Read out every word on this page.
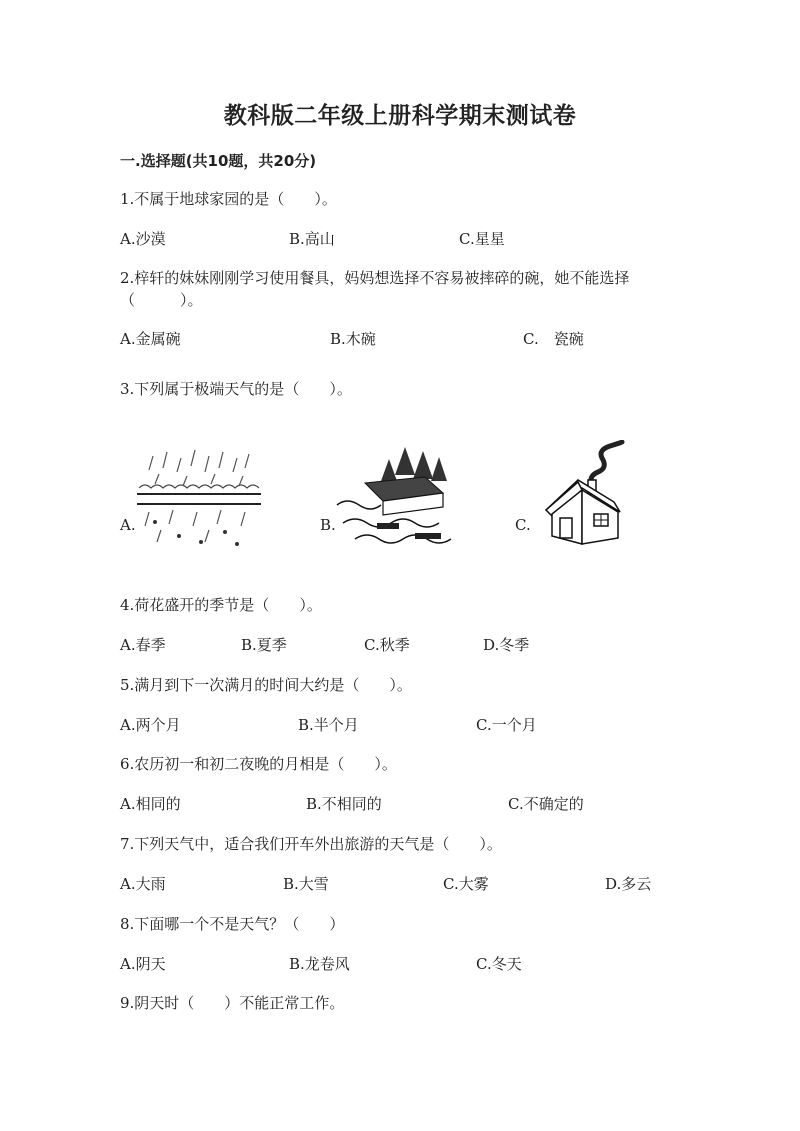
教科版二年级上册科学期末测试卷
一.选择题(共10题，共20分)
1.不属于地球家园的是（　　）。
A.沙漠	B.高山	C.星星
2.梓轩的妹妹刚刚学习使用餐具，妈妈想选择不容易被摔碎的碗，她不能选择（　　　）。
A.金属碗	B.木碗	C.　瓷碗
3.下列属于极端天气的是（　　）。
A.	B.	C.
4.荷花盛开的季节是（　　）。
A.春季	B.夏季	C.秋季	D.冬季
5.满月到下一次满月的时间大约是（　　）。
A.两个月	B.半个月	C.一个月
6.农历初一和初二夜晚的月相是（　　）。
A.相同的	B.不相同的	C.不确定的
7.下列天气中，适合我们开车外出旅游的天气是（　　）。
A.大雨	B.大雪	C.大雾	D.多云
8.下面哪一个不是天气？（　　）
A.阴天	B.龙卷风	C.冬天
9.阴天时（　　）不能正常工作。
